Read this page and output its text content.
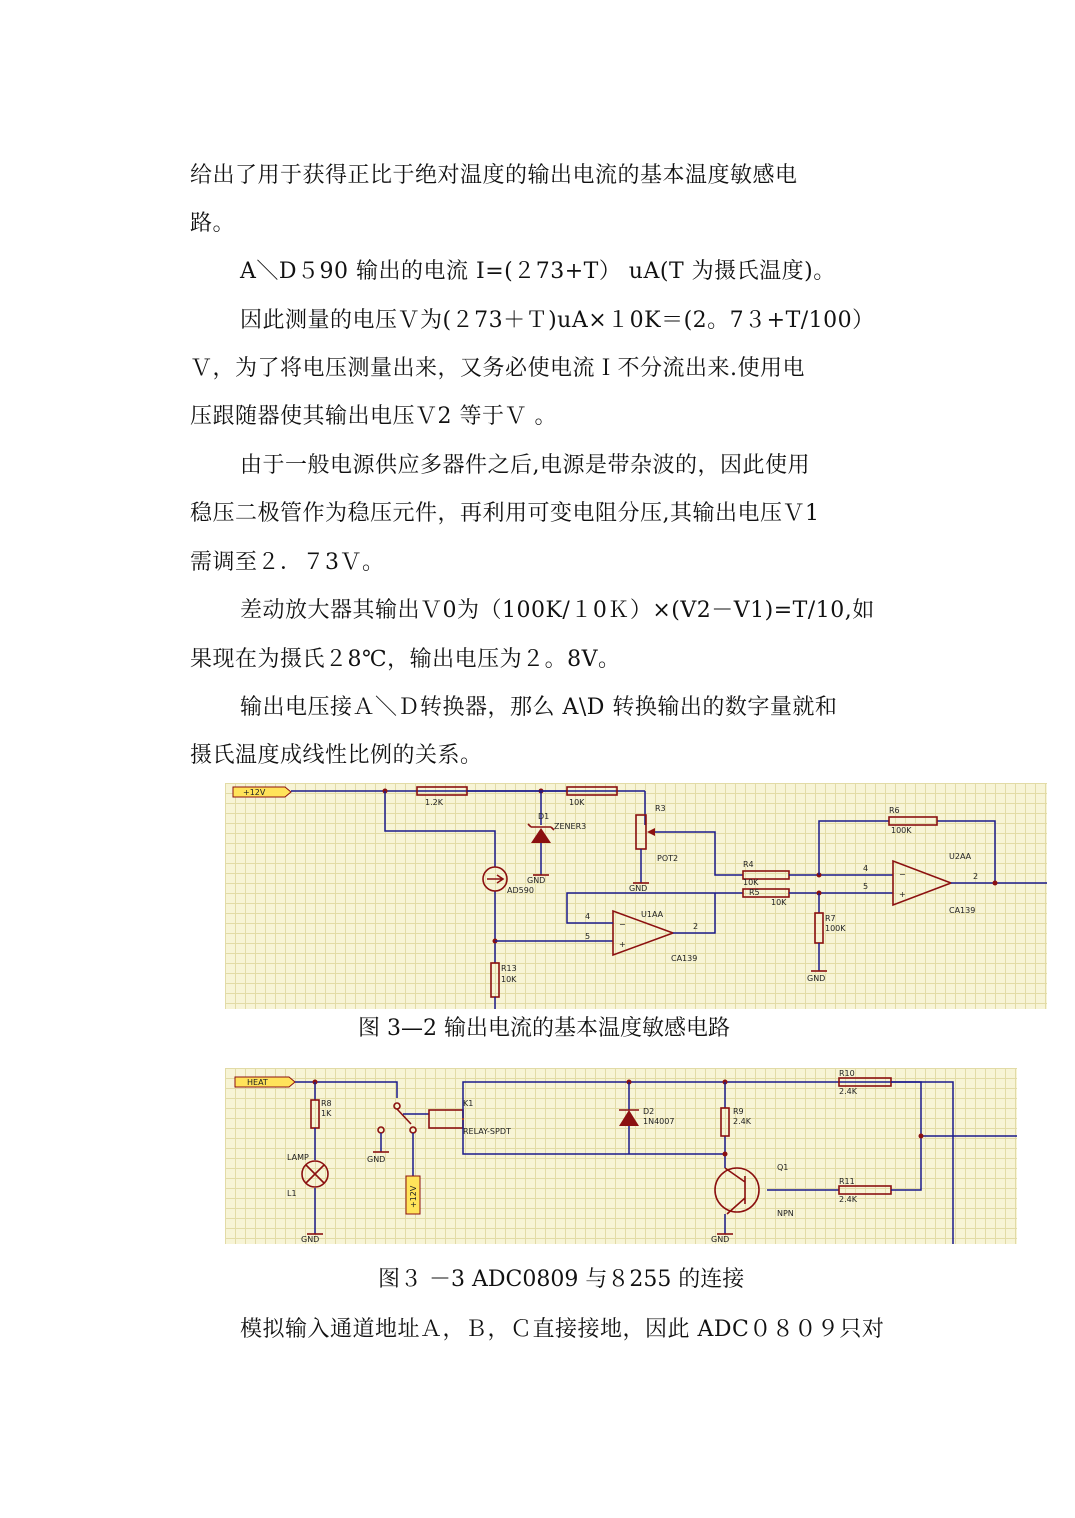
给出了用于获得正比于绝对温度的输出电流的基本温度敏感电
路。
A＼D５90 输出的电流 I=(２73+T） uA(T 为摄氏温度)。
因此测量的电压Ｖ为(２73＋Ｔ)uA×１0K＝(2。7３+T/100）
Ｖ，为了将电压测量出来，又务必使电流Ｉ不分流出来.使用电
压跟随器使其输出电压Ｖ2 等于Ｖ 。
由于一般电源供应多器件之后,电源是带杂波的，因此使用
稳压二极管作为稳压元件，再利用可变电阻分压,其输出电压Ｖ1
需调至２．７3Ｖ。
差动放大器其输出Ｖ0为（100K/１0Ｋ）×(V2－V1)=T/10,如
果现在为摄氏２8℃，输出电压为２。8V。
输出电压接Ａ＼Ｄ转换器，那么 A\D 转换输出的数字量就和
摄氏温度成线性比例的关系。
+12V
1.2K	10K
D1
ZENER3
GND
R3
POT2
GND
AD590
R13
10K
−
+
4
5
2
U1AA
CA139
R4
10K
R5
10K
R7
100K
GND
R6
100K
−
+
4
5
2
U2AA
CA139
图 3—2 输出电流的基本温度敏感电路
HEAT
R8
1K
LAMP
L1
GND
GND
+12V
K1
RELAY-SPDT
D2
1N4007
R9
2.4K
GND
Q1
NPN
R10
2.4K
R11
2.4K
图３ －3 ADC0809 与８255 的连接
模拟输入通道地址Ａ，Ｂ，Ｃ直接接地，因此 ADC０８０９只对
